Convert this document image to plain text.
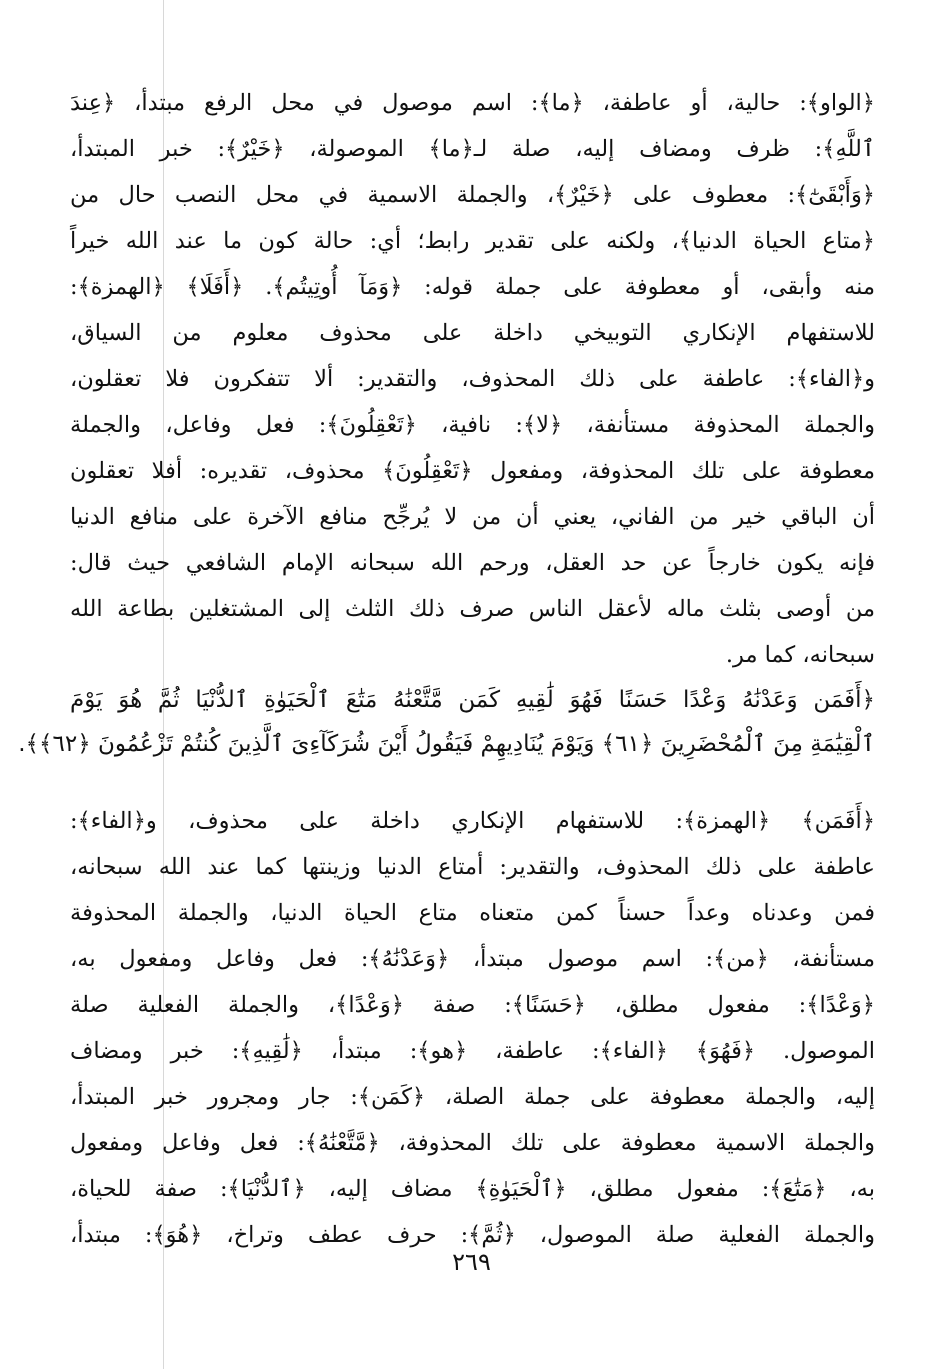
﴿الواو﴾: حالية، أو عاطفة، ﴿ما﴾: اسم موصول في محل الرفع مبتدأ، ﴿عِندَ
ٱللَّهِ﴾: ظرف ومضاف إليه، صلة لـ﴿ما﴾ الموصولة، ﴿خَيْرٌ﴾: خبر المبتدأ،
﴿وَأَبْقَىٰٓ﴾: معطوف على ﴿خَيْرٌ﴾، والجملة الاسمية في محل النصب حال من
﴿متاع الحياة الدنيا﴾، ولكنه على تقدير رابط؛ أي: حالة كون ما عند الله خيراً
منه وأبقى، أو معطوفة على جملة قوله: ﴿وَمَآ أُوتِيتُم﴾. ﴿أَفَلَا﴾ ﴿الهمزة﴾:
للاستفهام الإنكاري التوبيخي داخلة على محذوف معلوم من السياق،
و﴿الفاء﴾: عاطفة على ذلك المحذوف، والتقدير: ألا تتفكرون فلا تعقلون،
والجملة المحذوفة مستأنفة، ﴿لا﴾: نافية، ﴿تَعْقِلُونَ﴾: فعل وفاعل، والجملة
معطوفة على تلك المحذوفة، ومفعول ﴿تَعْقِلُونَ﴾ محذوف، تقديره: أفلا تعقلون
أن الباقي خير من الفاني، يعني أن من لا يُرجِّح منافع الآخرة على منافع الدنيا
فإنه يكون خارجاً عن حد العقل، ورحم الله سبحانه الإمام الشافعي حيث قال:
من أوصى بثلث ماله لأعقل الناس صرف ذلك الثلث إلى المشتغلين بطاعة الله
سبحانه، كما مر.
﴿أَفَمَن وَعَدْنَٰهُ وَعْدًا حَسَنًا فَهُوَ لَٰقِيهِ كَمَن مَّتَّعْنَٰهُ مَتَٰعَ ٱلْحَيَوٰةِ ٱلدُّنْيَا ثُمَّ هُوَ يَوْمَ
ٱلْقِيَٰمَةِ مِنَ ٱلْمُحْضَرِينَ ﴿٦١﴾ وَيَوْمَ يُنَادِيهِمْ فَيَقُولُ أَيْنَ شُرَكَآءِىَ ٱلَّذِينَ كُنتُمْ تَزْعُمُونَ ﴿٦٢﴾﴾.
﴿أَفَمَن﴾ ﴿الهمزة﴾: للاستفهام الإنكاري داخلة على محذوف، و﴿الفاء﴾:
عاطفة على ذلك المحذوف، والتقدير: أمتاع الدنيا وزينتها كما عند الله سبحانه،
فمن وعدناه وعداً حسناً كمن متعناه متاع الحياة الدنيا، والجملة المحذوفة
مستأنفة، ﴿من﴾: اسم موصول مبتدأ، ﴿وَعَدْنَٰهُ﴾: فعل وفاعل ومفعول به،
﴿وَعْدًا﴾: مفعول مطلق، ﴿حَسَنًا﴾: صفة ﴿وَعْدًا﴾، والجملة الفعلية صلة
الموصول. ﴿فَهُوَ﴾ ﴿الفاء﴾: عاطفة، ﴿هو﴾: مبتدأ، ﴿لَٰقِيهِ﴾: خبر ومضاف
إليه، والجملة معطوفة على جملة الصلة، ﴿كَمَن﴾: جار ومجرور خبر المبتدأ،
والجملة الاسمية معطوفة على تلك المحذوفة، ﴿مَّتَّعْنَٰهُ﴾: فعل وفاعل ومفعول
به، ﴿مَتَٰعَ﴾: مفعول مطلق، ﴿ٱلْحَيَوٰةِ﴾ مضاف إليه، ﴿ٱلدُّنْيَا﴾: صفة للحياة،
والجملة الفعلية صلة الموصول، ﴿ثُمَّ﴾: حرف عطف وتراخ، ﴿هُوَ﴾: مبتدأ،
٢٦٩
